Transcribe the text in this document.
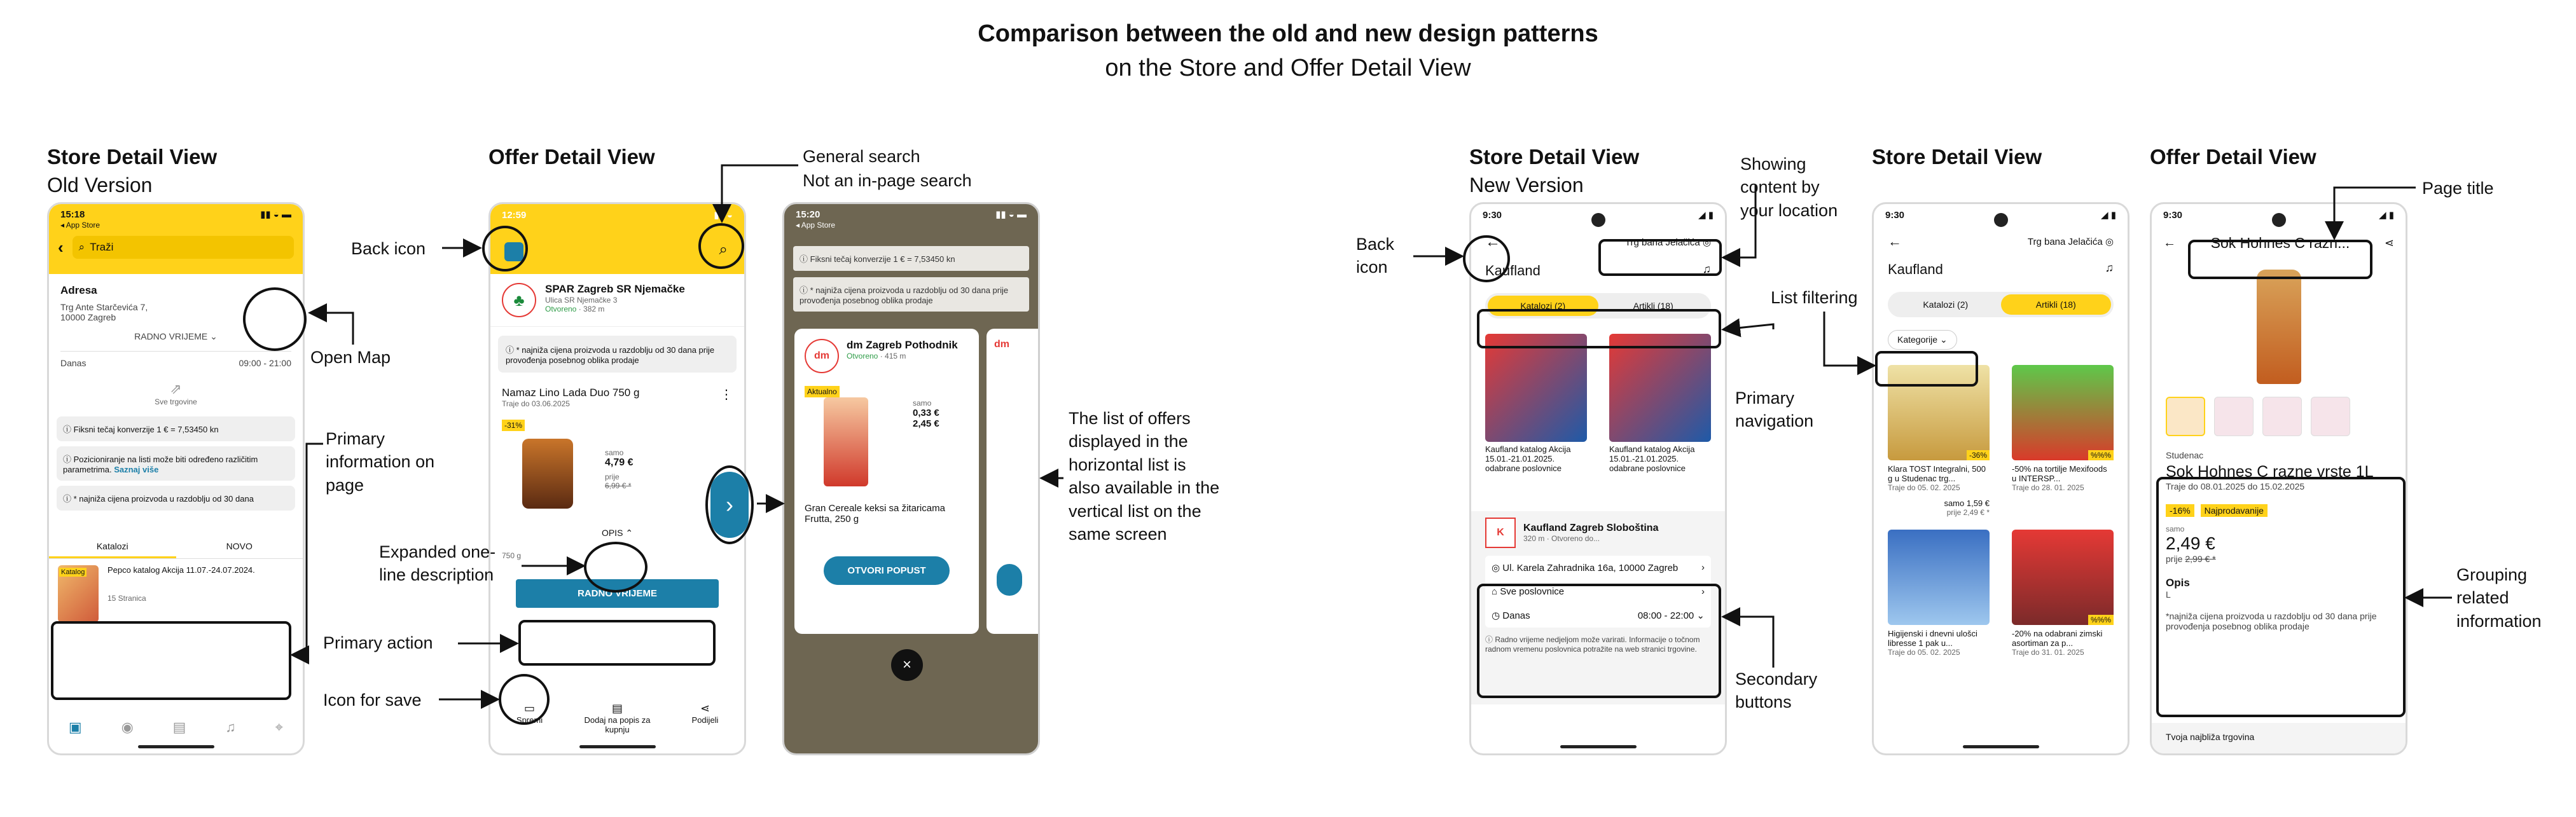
Comparison between the old and new design patterns
on the Store and Offer Detail View
Store Detail View
Old Version
Offer Detail View	Store Detail View
New Version
Store Detail View	Offer Detail View
15:18	▮▮ ◒ ▬
◂ App Store
‹ ⌕ Traži
Adresa
Trg Ante Starčevića 7,
10000 Zagreb
RADNO VRIJEME ⌄
Danas	09:00 - 21:00
⇗
Sve trgovine
ⓘ Fiksni tečaj konverzije 1 € = 7,53450 kn
ⓘ Pozicioniranje na listi može biti određeno različitim parametrima. Saznaj više
ⓘ * najniža cijena proizvoda u razdoblju od 30 dana
Katalozi	NOVO
Katalog	Pepco katalog Akcija 11.07.-24.07.2024.
15 Stranica
▣	◉	▤	♫	⌖
12:59	▮▮ ◒
⌕
♣
SPAR Zagreb SR Njemačke
Ulica SR Njemačke 3
Otvoreno · 382 m
ⓘ * najniža cijena proizvoda u razdoblju od 30 dana prije provođenja posebnog oblika prodaje
Namaz Lino Lada Duo 750 g
Traje do 03.06.2025
⋮
-31%
samo
4,79 €
prije
6,99 € *
OPIS ⌃
750 g
RADNO VRIJEME
▭
Spremi
▤
Dodaj na popis za kupnju
⋖
Podijeli
15:20	▮▮ ◒ ▬
◂ App Store
ⓘ Fiksni tečaj konverzije 1 € = 7,53450 kn
ⓘ * najniža cijena proizvoda u razdoblju od 30 dana prije provođenja posebnog oblika prodaje
dm
dm Zagreb Pothodnik
Otvoreno · 415 m
Aktualno
samo
0,33 €
2,45 €
Gran Cereale keksi sa žitaricama Frutta, 250 g
OTVORI POPUST
dm
×
9:30	◢ ▮
←	Trg bana Jelačića ◎
Kaufland	♫
Katalozi (2)	Artikli (18)
Kaufland katalog Akcija 15.01.-21.01.2025. odabrane poslovnice
Kaufland katalog Akcija 15.01.-21.01.2025. odabrane poslovnice
K	Kaufland Zagreb Sloboština
320 m · Otvoreno do...
◎ Ul. Karela Zahradnika 16a, 10000 Zagreb ›
⌂ Sve poslovnice	›
◷ Danas	08:00 - 22:00 ⌄
ⓘ Radno vrijeme nedjeljom može varirati. Informacije o točnom radnom vremenu poslovnica potražite na web stranici trgovine.
9:30	◢ ▮
←	Trg bana Jelačića ◎
Kaufland	♫
Katalozi (2)	Artikli (18)
Kategorije ⌄
-36%
Klara TOST Integralni, 500 g u Studenac trg...
Traje do 05. 02. 2025
samo 1,59 €
prije 2,49 € *
%%%
-50% na tortilje Mexifoods u INTERSP...
Traje do 28. 01. 2025
Higijenski i dnevni ulošci libresse 1 pak u...
Traje do 05. 02. 2025
%%%
-20% na odabrani zimski asortiman za p...
Traje do 31. 01. 2025
9:30	◢ ▮
← Sok Hohnes C razn...	⋖
Studenac
Sok Hohnes C razne vrste 1L
Traje do 08.01.2025 do 15.02.2025
-16% Najprodavanije
samo
2,49 €
prije 2,99 € *
Opis
L
*najniža cijena proizvoda u razdoblju od 30 dana prije provođenja posebnog oblika prodaje
Tvoja najbliža trgovina
›
Back icon
Open Map
Primary information on page
Expanded one-line description
Primary action
Icon for save
General search
Not an in-page search
The list of offers displayed in the horizontal list is also available in the vertical list on the same screen
Back icon
Showing content by your location
List filtering
Primary navigation
Secondary buttons
Page title
Grouping related information
